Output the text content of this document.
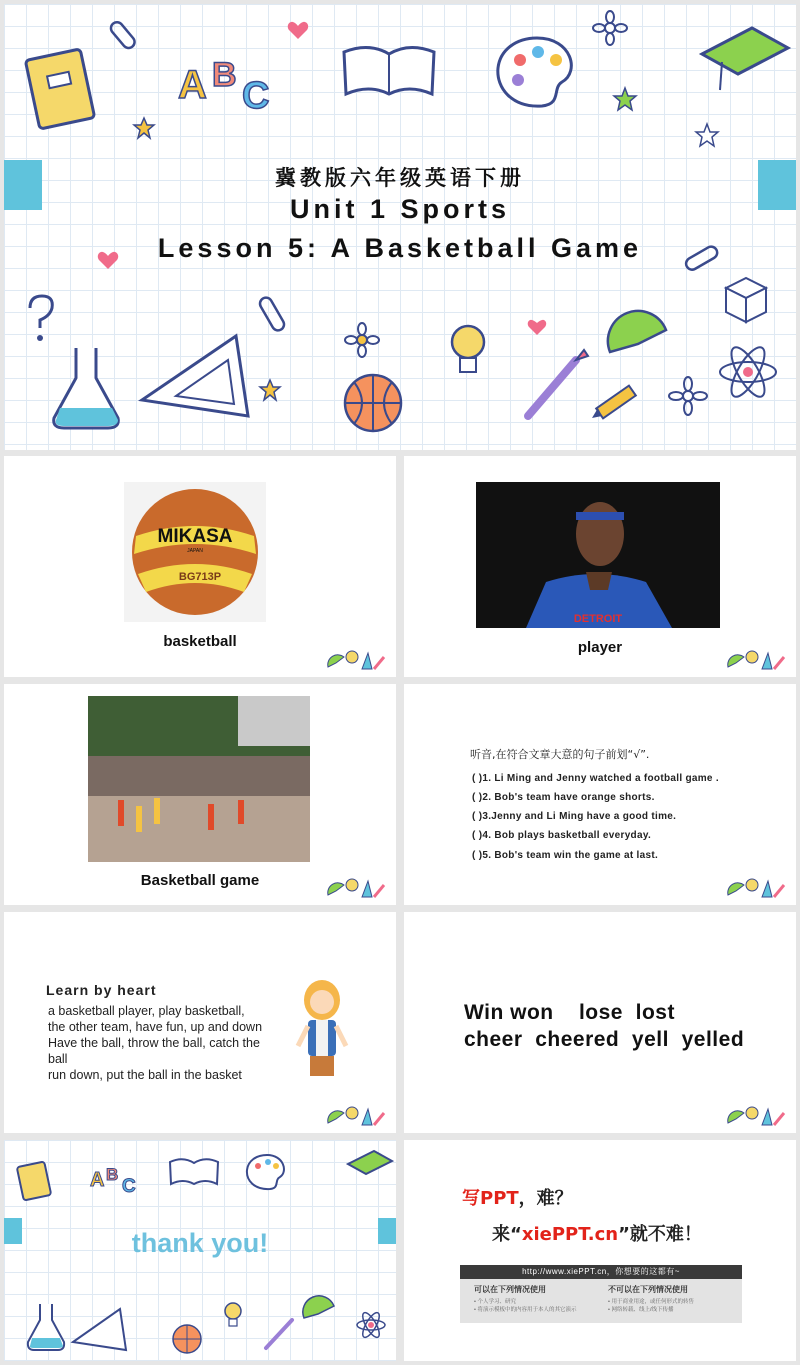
A B C
冀教版六年级英语下册
Unit 1 Sports
Lesson 5: A Basketball Game
MIKASA
JAPAN
BG713P
basketball
DETROIT
player
Basketball game
听音,在符合文章大意的句子前划“√”.
( )1. Li Ming and Jenny watched a football game .
( )2. Bob's team have orange shorts.
( )3.Jenny and Li Ming have a good time.
( )4. Bob plays basketball everyday.
( )5. Bob's team win the game at last.
Learn by heart
a basketball player, play basketball,
the other team, have fun, up and down
Have the ball, throw the ball, catch the
ball
run down, put the ball in the basket
Win won    lose  lost
cheer  cheered  yell  yelled
A B
C
thank you!
写PPT，难？
来“xiePPT.cn”就不难！
http://www.xiePPT.cn，你想要的这都有~
可以在下列情况使用
• 个人学习、研究
• 将演示模板中的内容用于本人的其它演示
不可以在下列情况使用
• 用于商业用途，或任何形式的转售
• 网络转载、线上/线下传播
